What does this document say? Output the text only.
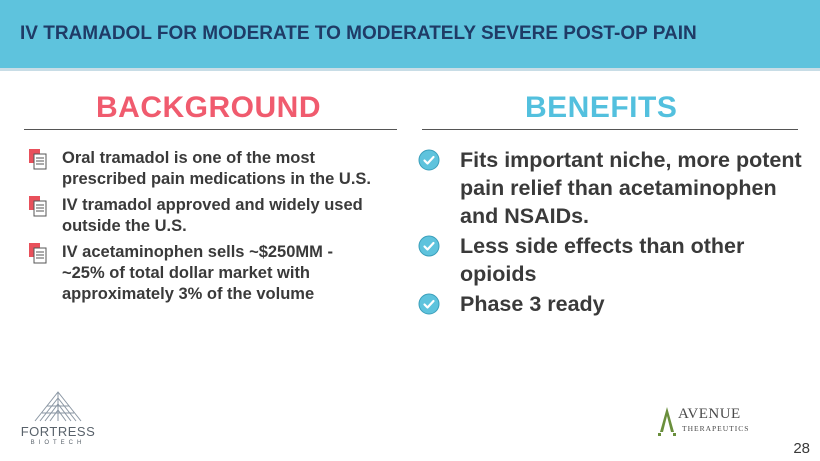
IV TRAMADOL FOR MODERATE TO MODERATELY SEVERE POST-OP PAIN
BACKGROUND	BENEFITS
Oral tramadol is one of the most prescribed pain medications in the U.S.
IV tramadol approved and widely used outside the U.S.
IV acetaminophen sells ~$250MM - ~25% of total dollar market with approximately 3% of the volume
Fits important niche, more potent pain relief than acetaminophen and NSAIDs.
Less side effects than other opioids
Phase 3 ready
FORTRESS
BIOTECH
AVENUE
THERAPEUTICS
28
